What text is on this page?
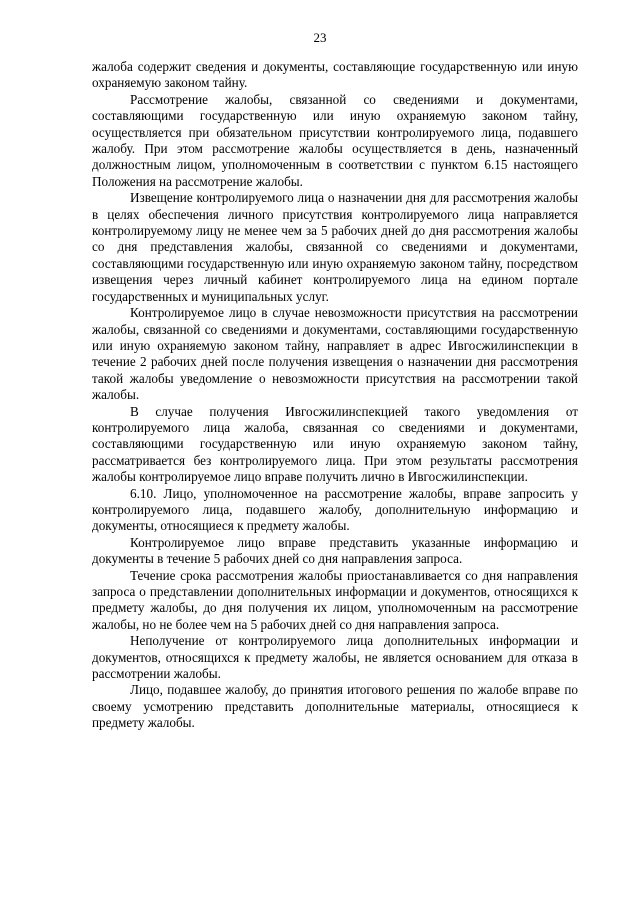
23

жалоба содержит сведения и документы, составляющие государственную или иную охраняемую законом тайну.

Рассмотрение жалобы, связанной со сведениями и документами, составляющими государственную или иную охраняемую законом тайну, осуществляется при обязательном присутствии контролируемого лица, подавшего жалобу. При этом рассмотрение жалобы осуществляется в день, назначенный должностным лицом, уполномоченным в соответствии с пунктом 6.15 настоящего Положения на рассмотрение жалобы.

Извещение контролируемого лица о назначении дня для рассмотрения жалобы в целях обеспечения личного присутствия контролируемого лица направляется контролируемому лицу не менее чем за 5 рабочих дней до дня рассмотрения жалобы со дня представления жалобы, связанной со сведениями и документами, составляющими государственную или иную охраняемую законом тайну, посредством извещения через личный кабинет контролируемого лица на едином портале государственных и муниципальных услуг.

Контролируемое лицо в случае невозможности присутствия на рассмотрении жалобы, связанной со сведениями и документами, составляющими государственную или иную охраняемую законом тайну, направляет в адрес Ивгосжилинспекции в течение 2 рабочих дней после получения извещения о назначении дня рассмотрения такой жалобы уведомление о невозможности присутствия на рассмотрении такой жалобы.

В случае получения Ивгосжилинспекцией такого уведомления от контролируемого лица жалоба, связанная со сведениями и документами, составляющими государственную или иную охраняемую законом тайну, рассматривается без контролируемого лица. При этом результаты рассмотрения жалобы контролируемое лицо вправе получить лично в Ивгосжилинспекции.

6.10. Лицо, уполномоченное на рассмотрение жалобы, вправе запросить у контролируемого лица, подавшего жалобу, дополнительную информацию и документы, относящиеся к предмету жалобы.

Контролируемое лицо вправе представить указанные информацию и документы в течение 5 рабочих дней со дня направления запроса.

Течение срока рассмотрения жалобы приостанавливается со дня направления запроса о представлении дополнительных информации и документов, относящихся к предмету жалобы, до дня получения их лицом, уполномоченным на рассмотрение жалобы, но не более чем на 5 рабочих дней со дня направления запроса.

Неполучение от контролируемого лица дополнительных информации и документов, относящихся к предмету жалобы, не является основанием для отказа в рассмотрении жалобы.

Лицо, подавшее жалобу, до принятия итогового решения по жалобе вправе по своему усмотрению представить дополнительные материалы, относящиеся к предмету жалобы.
